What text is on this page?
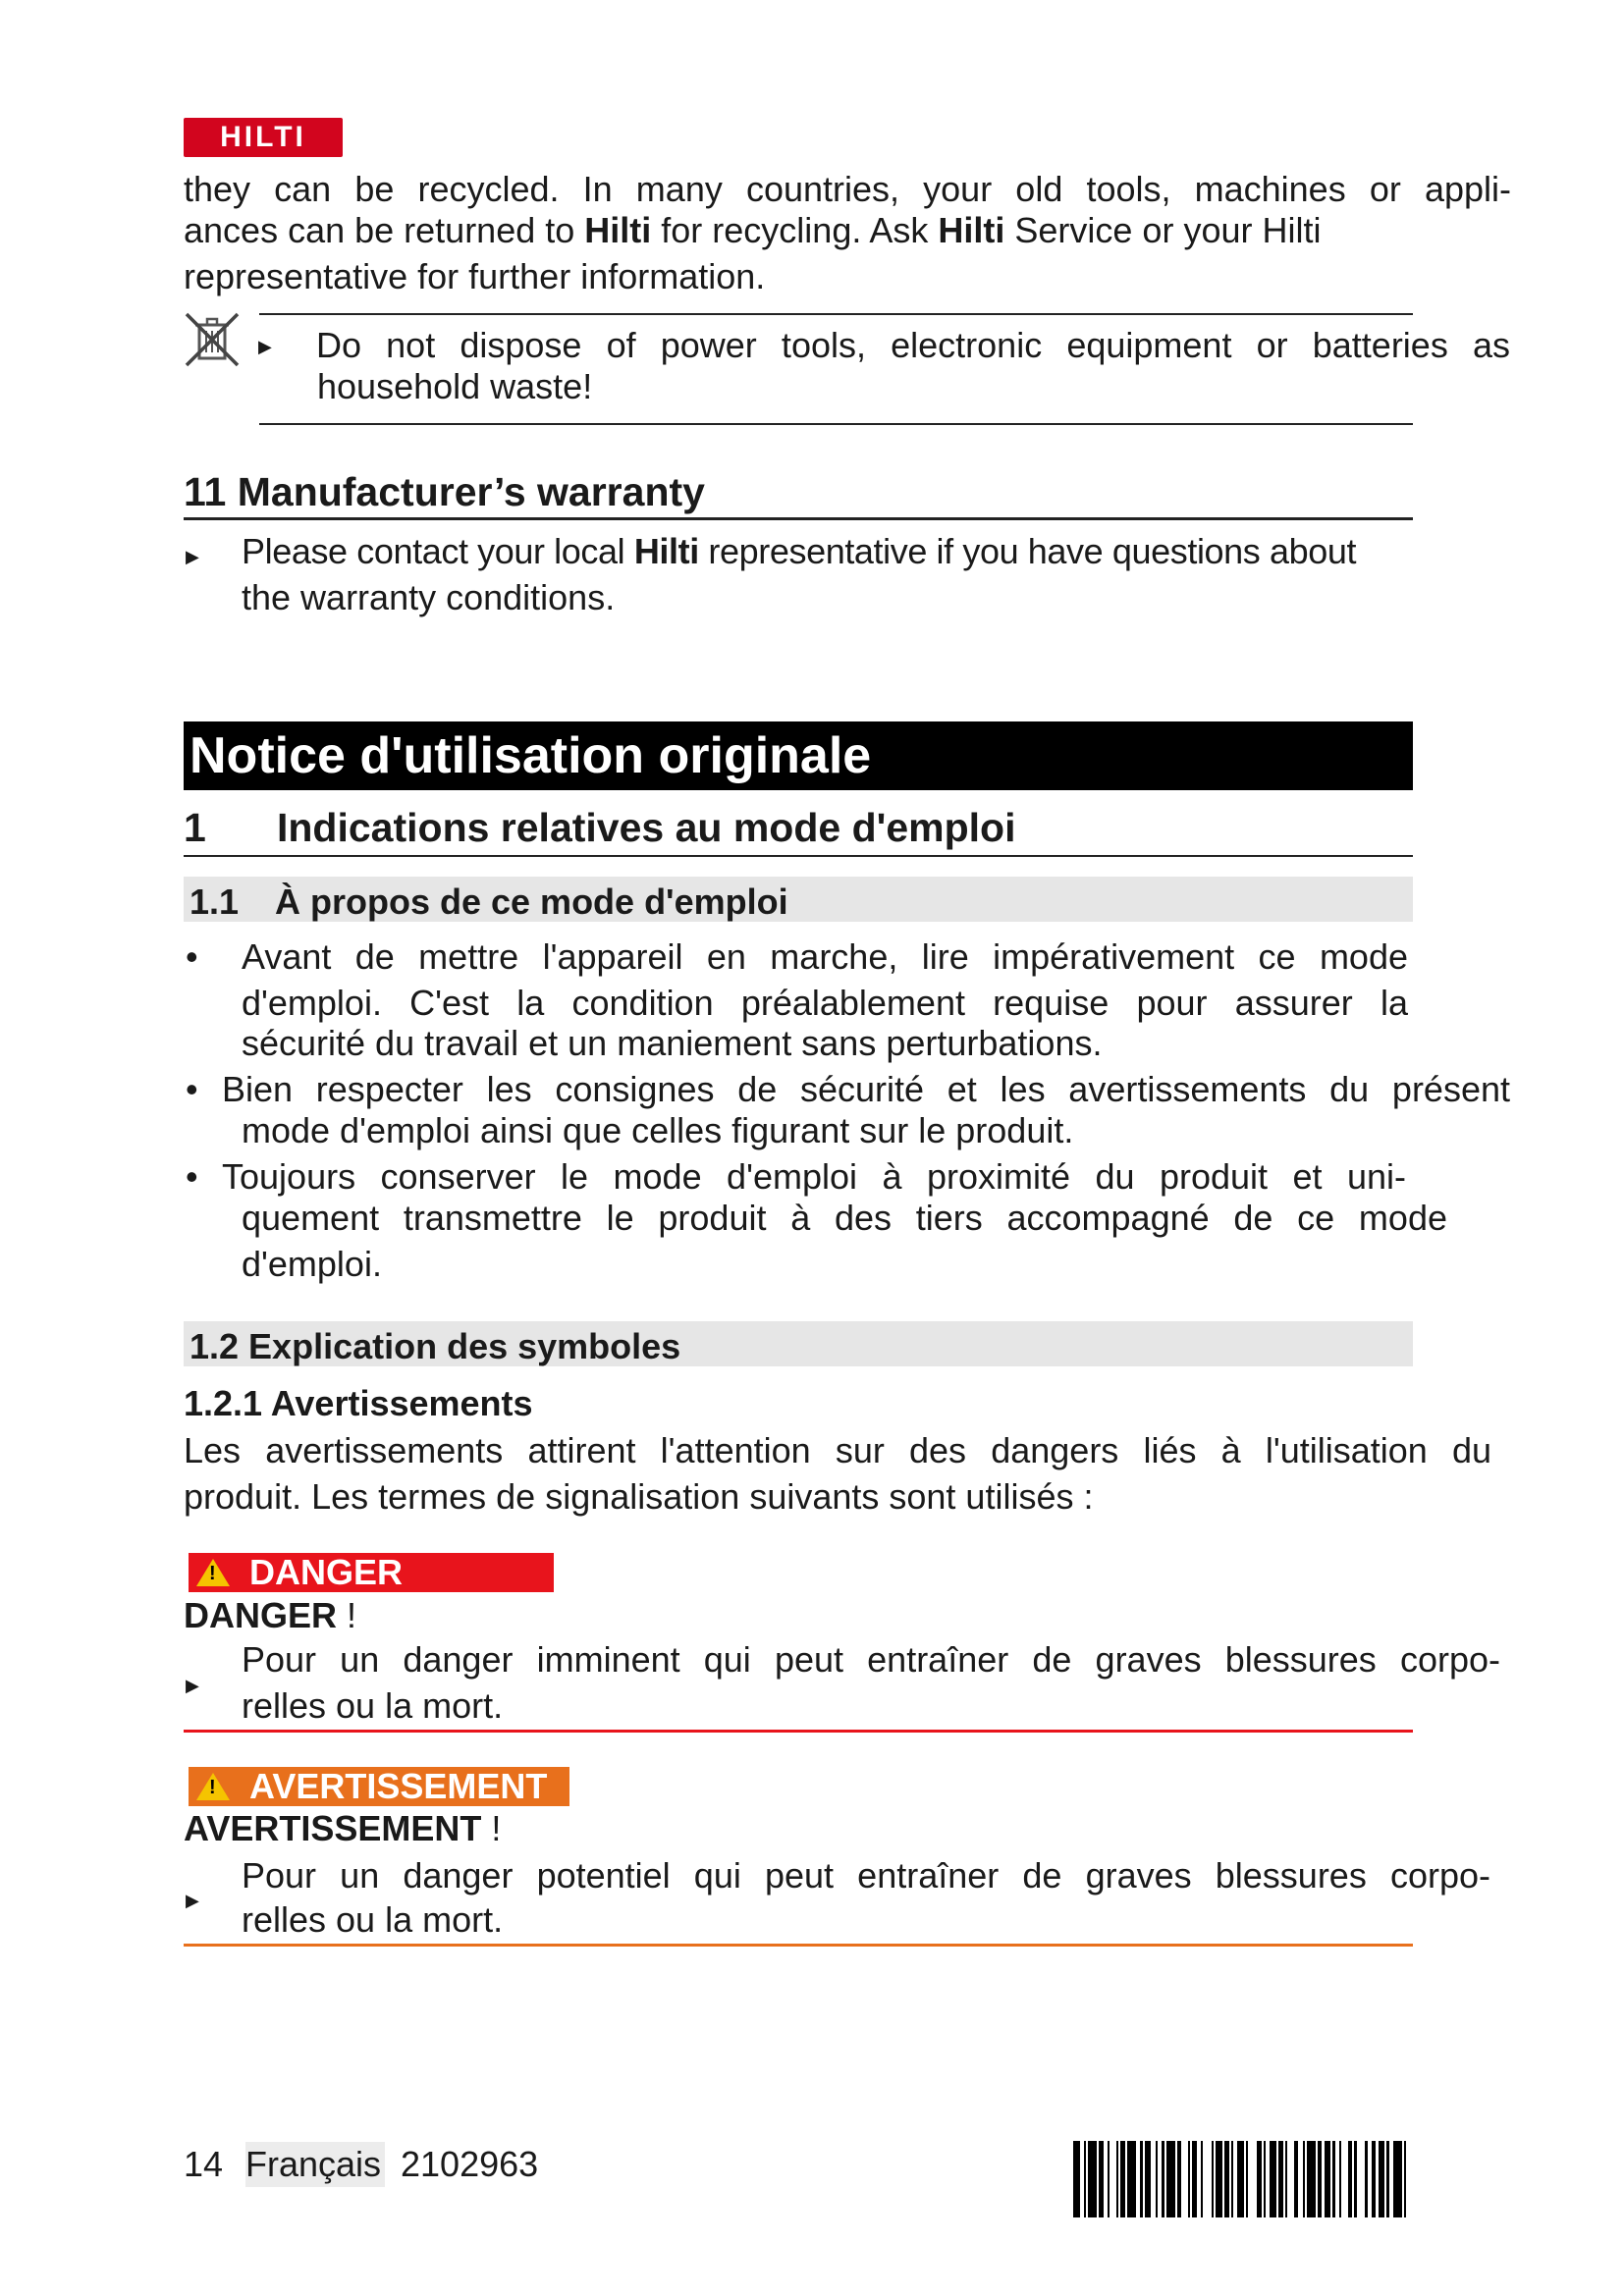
HILTI
they can be recycled. In many countries, your old tools, machines or appli-
ances can be returned to Hilti for recycling. Ask Hilti Service or your Hilti
representative for further information.
▶ Do not dispose of power tools, electronic equipment or batteries as
household waste!
11 Manufacturer’s warranty
▶ Please contact your local Hilti representative if you have questions about
the warranty conditions.
Notice d'utilisation originale
1 Indications relatives au mode d'emploi
1.1 À propos de ce mode d'emploi
• Avant de mettre l'appareil en marche, lire impérativement ce mode
d'emploi. C'est la condition préalablement requise pour assurer la
sécurité du travail et un maniement sans perturbations.
• Bien respecter les consignes de sécurité et les avertissements du présent
mode d'emploi ainsi que celles figurant sur le produit.
• Toujours conserver le mode d'emploi à proximité du produit et uni-
quement transmettre le produit à des tiers accompagné de ce mode
d'emploi.
1.2 Explication des symboles
1.2.1 Avertissements
Les avertissements attirent l'attention sur des dangers liés à l'utilisation du
produit. Les termes de signalisation suivants sont utilisés :
!
DANGER
DANGER !
▶
Pour un danger imminent qui peut entraîner de graves blessures corpo-
relles ou la mort.
!
AVERTISSEMENT
AVERTISSEMENT !
▶
Pour un danger potentiel qui peut entraîner de graves blessures corpo-
relles ou la mort.
14 Français 2102963
